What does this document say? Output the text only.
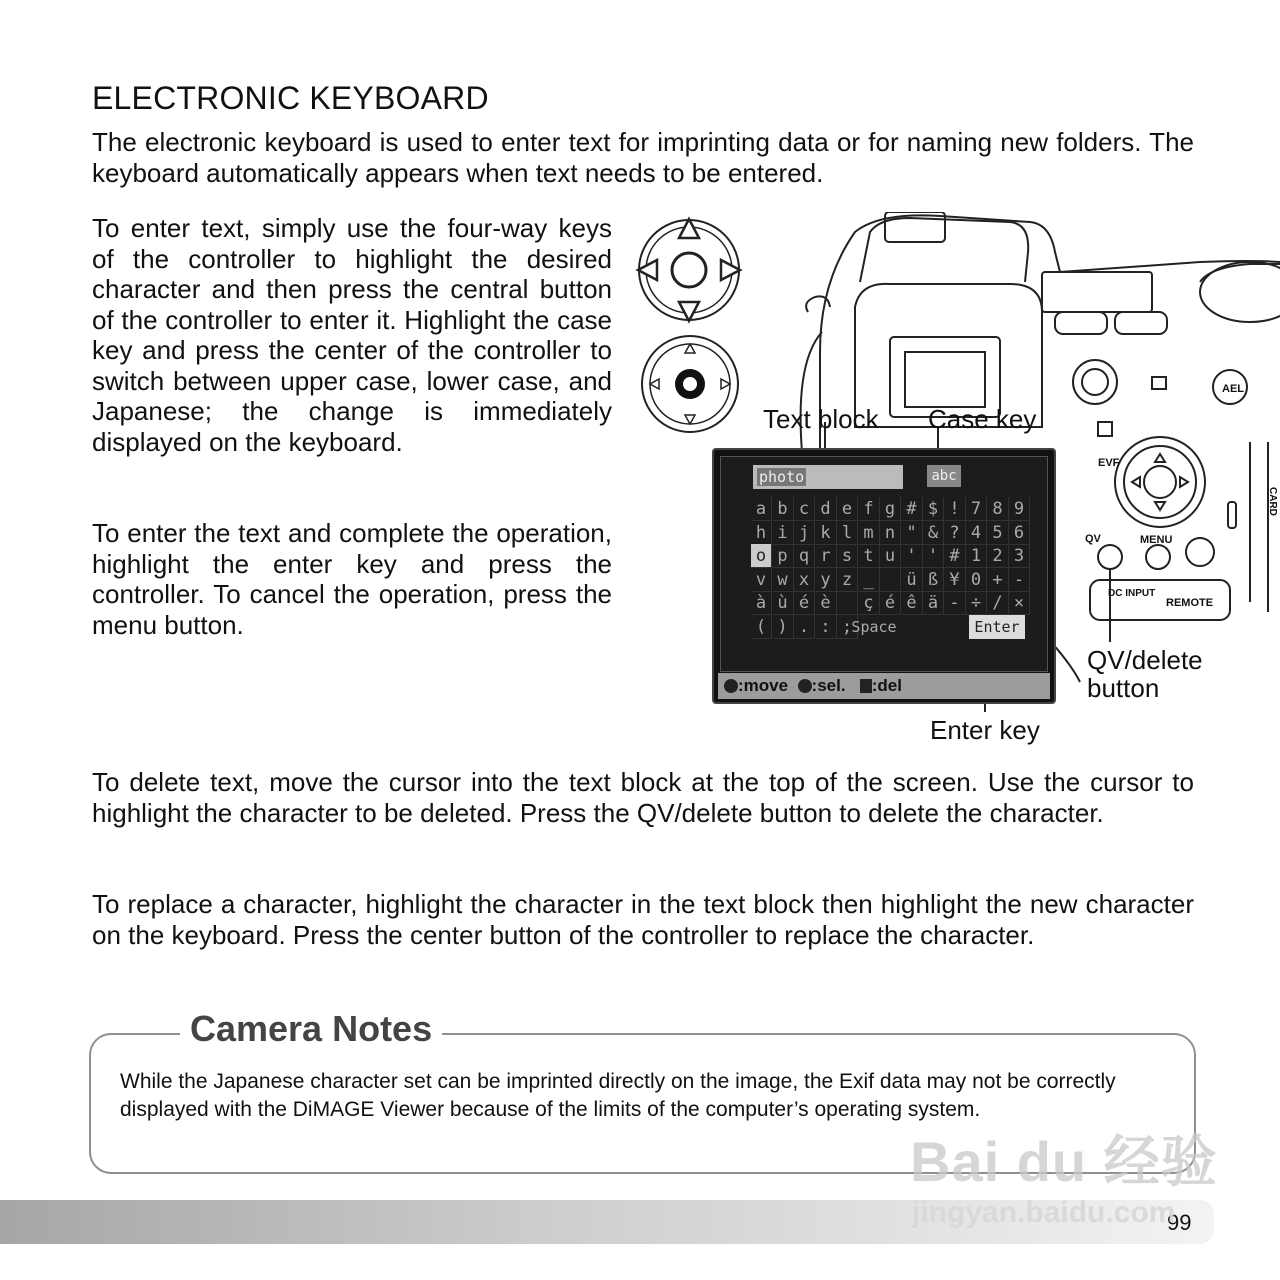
ELECTRONIC KEYBOARD

The electronic keyboard is used to enter text for imprinting data or for naming new folders. The keyboard automatically appears when text needs to be entered.

To enter text, simply use the four-way keys of the controller to highlight the desired character and then press the central button of the controller to enter it. Highlight the case key and press the center of the controller to switch between upper case, lower case, and Japanese; the change is immediately displayed on the keyboard.

To enter the text and complete the operation, highlight the enter key and press the controller. To cancel the operation, press the menu button.

AEL
EVF
QV	MENU
DC INPUT
REMOTE
CARD
Text block Case key
QV/delete
button
Enter key
photo	abc
a b c d e f g # $ ! 7 8 9
h i j k l m n " & ? 4 5 6
o p q r s t u ' ' # 1 2 3
v w x y z _	ü ß ¥ 0 + -
à ù é è	ç é ê ä - ÷ / ×
( ) . : ; Space	Enter
:move :sel. :del

To delete text, move the cursor into the text block at the top of the screen. Use the cursor to highlight the character to be deleted. Press the QV/delete button to delete the character.

To replace a character, highlight the character in the text block then highlight the new character on the keyboard. Press the center button of the controller to replace the character.

Camera Notes

While the Japanese character set can be imprinted directly on the image, the Exif data may not be correctly displayed with the DiMAGE Viewer because of the limits of the computer’s operating system.

99
Bai du 经验
jingyan.baidu.com
